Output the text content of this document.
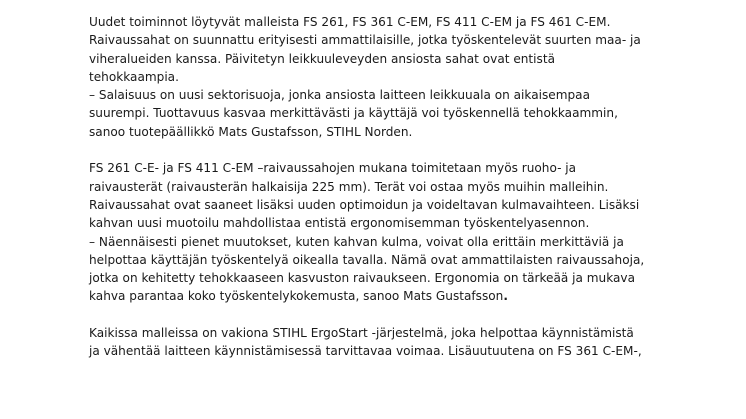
Uudet toiminnot löytyvät malleista FS 261, FS 361 C-EM, FS 411 C-EM ja FS 461 C-EM.
Raivaussahat on suunnattu erityisesti ammattilaisille, jotka työskentelevät suurten maa- ja
viheralueiden kanssa. Päivitetyn leikkuuleveyden ansiosta sahat ovat entistä
tehokkaampia.
– Salaisuus on uusi sektorisuoja, jonka ansiosta laitteen leikkuuala on aikaisempaa
suurempi. Tuottavuus kasvaa merkittävästi ja käyttäjä voi työskennellä tehokkaammin,
sanoo tuotepäällikkö Mats Gustafsson, STIHL Norden.

FS 261 C-E- ja FS 411 C-EM –raivaussahojen mukana toimitetaan myös ruoho- ja
raivausterät (raivausterän halkaisija 225 mm). Terät voi ostaa myös muihin malleihin.
Raivaussahat ovat saaneet lisäksi uuden optimoidun ja voideltavan kulmavaihteen. Lisäksi
kahvan uusi muotoilu mahdollistaa entistä ergonomisemman työskentelyasennon.
– Näennäisesti pienet muutokset, kuten kahvan kulma, voivat olla erittäin merkittäviä ja
helpottaa käyttäjän työskentelyä oikealla tavalla. Nämä ovat ammattilaisten raivaussahoja,
jotka on kehitetty tehokkaaseen kasvuston raivaukseen. Ergonomia on tärkeää ja mukava
kahva parantaa koko työskentelykokemusta, sanoo Mats Gustafsson.

Kaikissa malleissa on vakiona STIHL ErgoStart -järjestelmä, joka helpottaa käynnistämistä
ja vähentää laitteen käynnistämisessä tarvittavaa voimaa. Lisäuutuutena on FS 361 C-EM-,
